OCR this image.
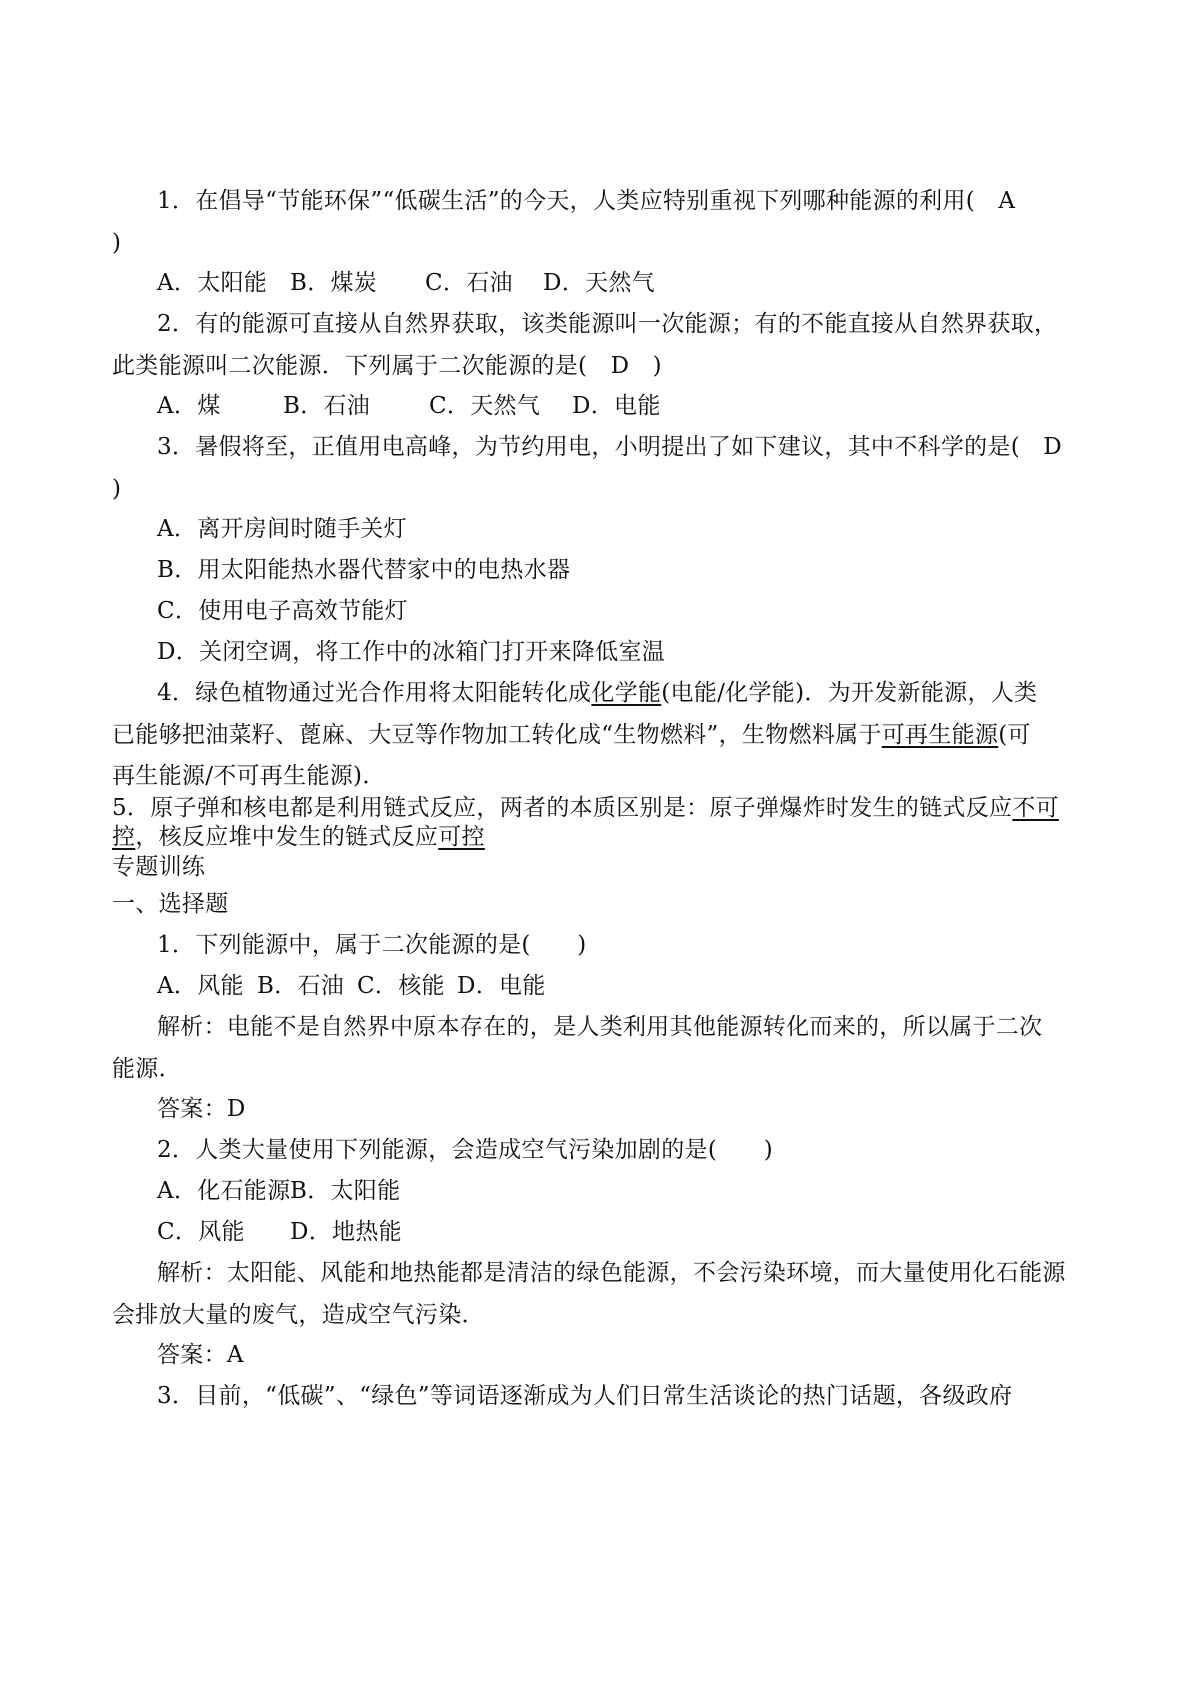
1．在倡导“节能环保”“低碳生活”的今天，人类应特别重视下列哪种能源的利用(　A
)
A．太阳能 B．煤炭 C．石油 D．天然气
2．有的能源可直接从自然界获取，该类能源叫一次能源；有的不能直接从自然界获取，
此类能源叫二次能源．下列属于二次能源的是(　D　)
A．煤	B．石油	C．天然气 D．电能
3．暑假将至，正值用电高峰，为节约用电，小明提出了如下建议，其中不科学的是(　D
)
A．离开房间时随手关灯
B．用太阳能热水器代替家中的电热水器
C．使用电子高效节能灯
D．关闭空调，将工作中的冰箱门打开来降低室温
4．绿色植物通过光合作用将太阳能转化成化学能(电能/化学能)．为开发新能源，人类
已能够把油菜籽、蓖麻、大豆等作物加工转化成“生物燃料”，生物燃料属于可再生能源(可
再生能源/不可再生能源)．
5．原子弹和核电都是利用链式反应，两者的本质区别是：原子弹爆炸时发生的链式反应不可
控，核反应堆中发生的链式反应可控
专题训练
一、选择题
1．下列能源中，属于二次能源的是(　　)
A．风能 B．石油 C．核能 D．电能
解析：电能不是自然界中原本存在的，是人类利用其他能源转化而来的，所以属于二次
能源．
答案：D
2．人类大量使用下列能源，会造成空气污染加剧的是(　　)
A．化石能源B．太阳能
C．风能 D．地热能
解析：太阳能、风能和地热能都是清洁的绿色能源，不会污染环境，而大量使用化石能源
会排放大量的废气，造成空气污染．
答案：A
3．目前，“低碳”、“绿色”等词语逐渐成为人们日常生活谈论的热门话题，各级政府
